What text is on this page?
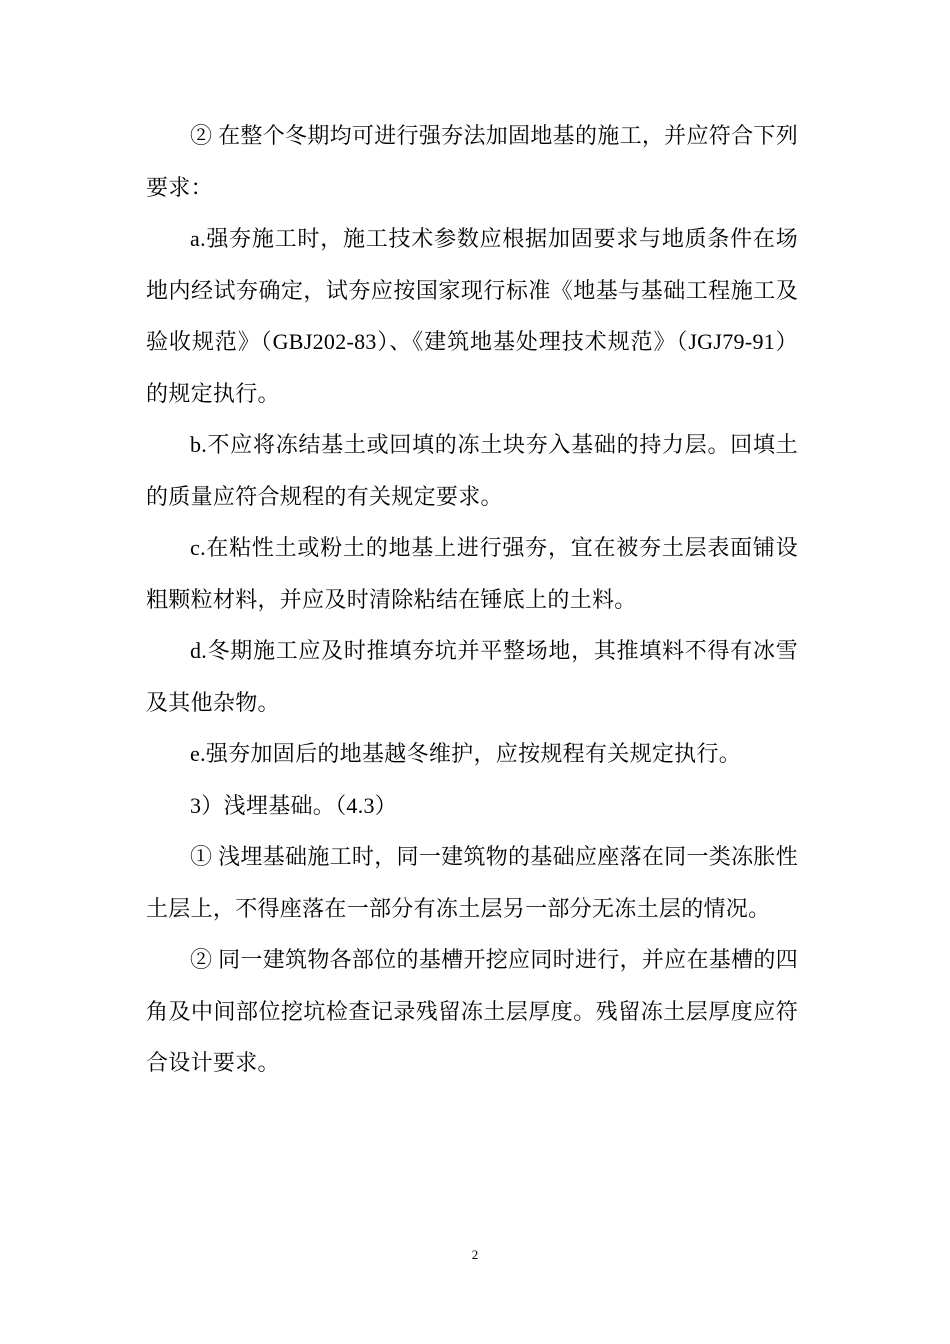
② 在整个冬期均可进行强夯法加固地基的施工，并应符合下列要求：

a.强夯施工时，施工技术参数应根据加固要求与地质条件在场地内经试夯确定，试夯应按国家现行标准《地基与基础工程施工及验收规范》（GBJ202-83）、《建筑地基处理技术规范》（JGJ79-91）的规定执行。

b.不应将冻结基土或回填的冻土块夯入基础的持力层。回填土的质量应符合规程的有关规定要求。

c.在粘性土或粉土的地基上进行强夯，宜在被夯土层表面铺设粗颗粒材料，并应及时清除粘结在锤底上的土料。

d.冬期施工应及时推填夯坑并平整场地，其推填料不得有冰雪及其他杂物。

e.强夯加固后的地基越冬维护，应按规程有关规定执行。

3）浅埋基础。（4.3）

① 浅埋基础施工时，同一建筑物的基础应座落在同一类冻胀性土层上，不得座落在一部分有冻土层另一部分无冻土层的情况。

② 同一建筑物各部位的基槽开挖应同时进行，并应在基槽的四角及中间部位挖坑检查记录残留冻土层厚度。残留冻土层厚度应符合设计要求。

2
